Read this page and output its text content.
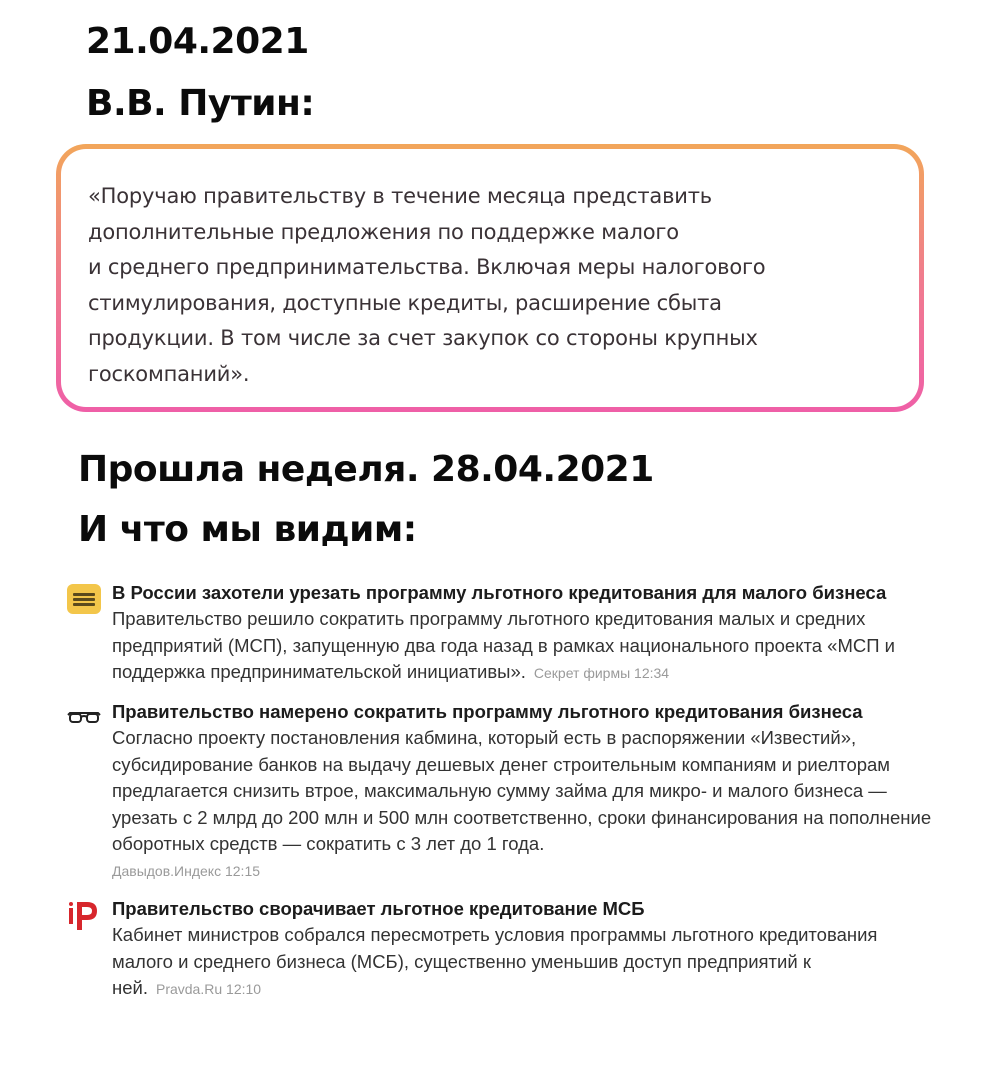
21.04.2021
В.В. Путин:

«Поручаю правительству в течение месяца представить
дополнительные предложения по поддержке малого
и среднего предпринимательства. Включая меры налогового
стимулирования, доступные кредиты, расширение сбыта
продукции. В том числе за счет закупок со стороны крупных
госкомпаний».

Прошла неделя. 28.04.2021
И что мы видим:

В России захотели урезать программу льготного кредитования для малого бизнеса

Правительство решило сократить программу льготного кредитования малых и средних предприятий (МСП), запущенную два года назад в рамках национального проекта «МСП и поддержка предпринимательской инициативы». Секрет фирмы 12:34

Правительство намерено сократить программу льготного кредитования бизнеса

Согласно проекту постановления кабмина, который есть в распоряжении «Известий», субсидирование банков на выдачу дешевых денег строительным компаниям и риелторам предлагается снизить втрое, максимальную сумму займа для микро- и малого бизнеса — урезать с 2 млрд до 200 млн и 500 млн соответственно, сроки финансирования на пополнение оборотных средств — сократить с 3 лет до 1 года.

Давыдов.Индекс 12:15

Правительство сворачивает льготное кредитование МСБ

Кабинет министров собрался пересмотреть условия программы льготного кредитования малого и среднего бизнеса (МСБ), существенно уменьшив доступ предприятий к ней. Pravda.Ru 12:10
